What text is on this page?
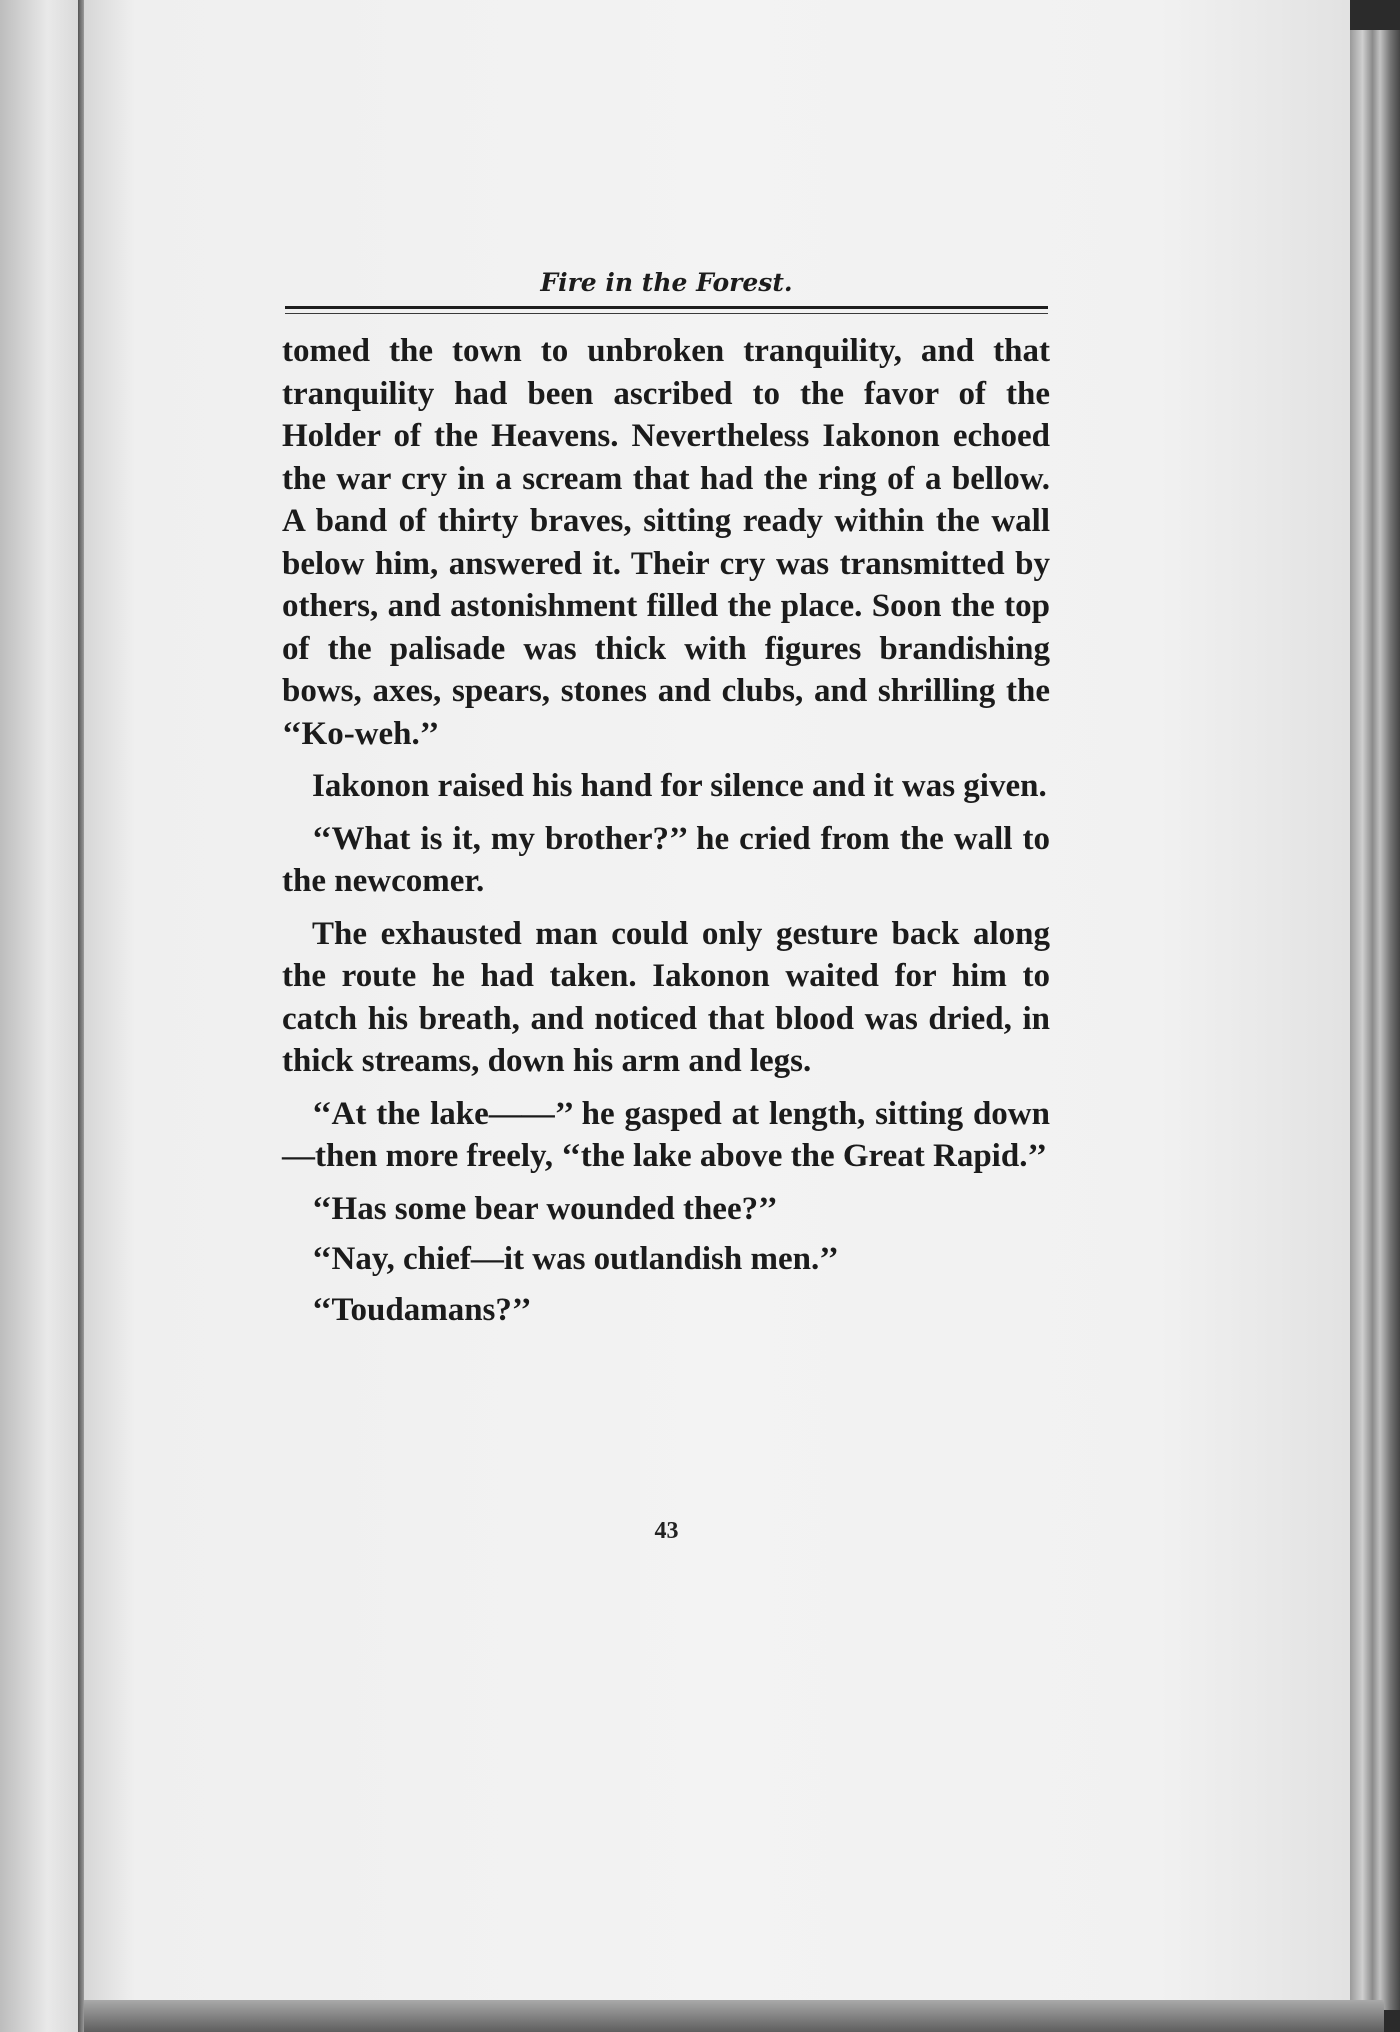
Fire in the Forest.

tomed the town to unbroken tranquility, and that tranquility had been ascribed to the favor of the Holder of the Heavens. Nevertheless Iakonon echoed the war cry in a scream that had the ring of a bellow. A band of thirty braves, sitting ready within the wall below him, answered it. Their cry was transmitted by others, and astonishment filled the place. Soon the top of the palisade was thick with figures brandishing bows, axes, spears, stones and clubs, and shrilling the ‘‘Ko-weh.’’

Iakonon raised his hand for silence and it was given.

‘‘What is it, my brother?’’ he cried from the wall to the newcomer.

The exhausted man could only gesture back along the route he had taken. Iakonon waited for him to catch his breath, and noticed that blood was dried, in thick streams, down his arm and legs.

‘‘At the lake——’’ he gasped at length, sitting down—then more freely, ‘‘the lake above the Great Rapid.’’

‘‘Has some bear wounded thee?’’

‘‘Nay, chief—it was outlandish men.’’

‘‘Toudamans?’’

43
